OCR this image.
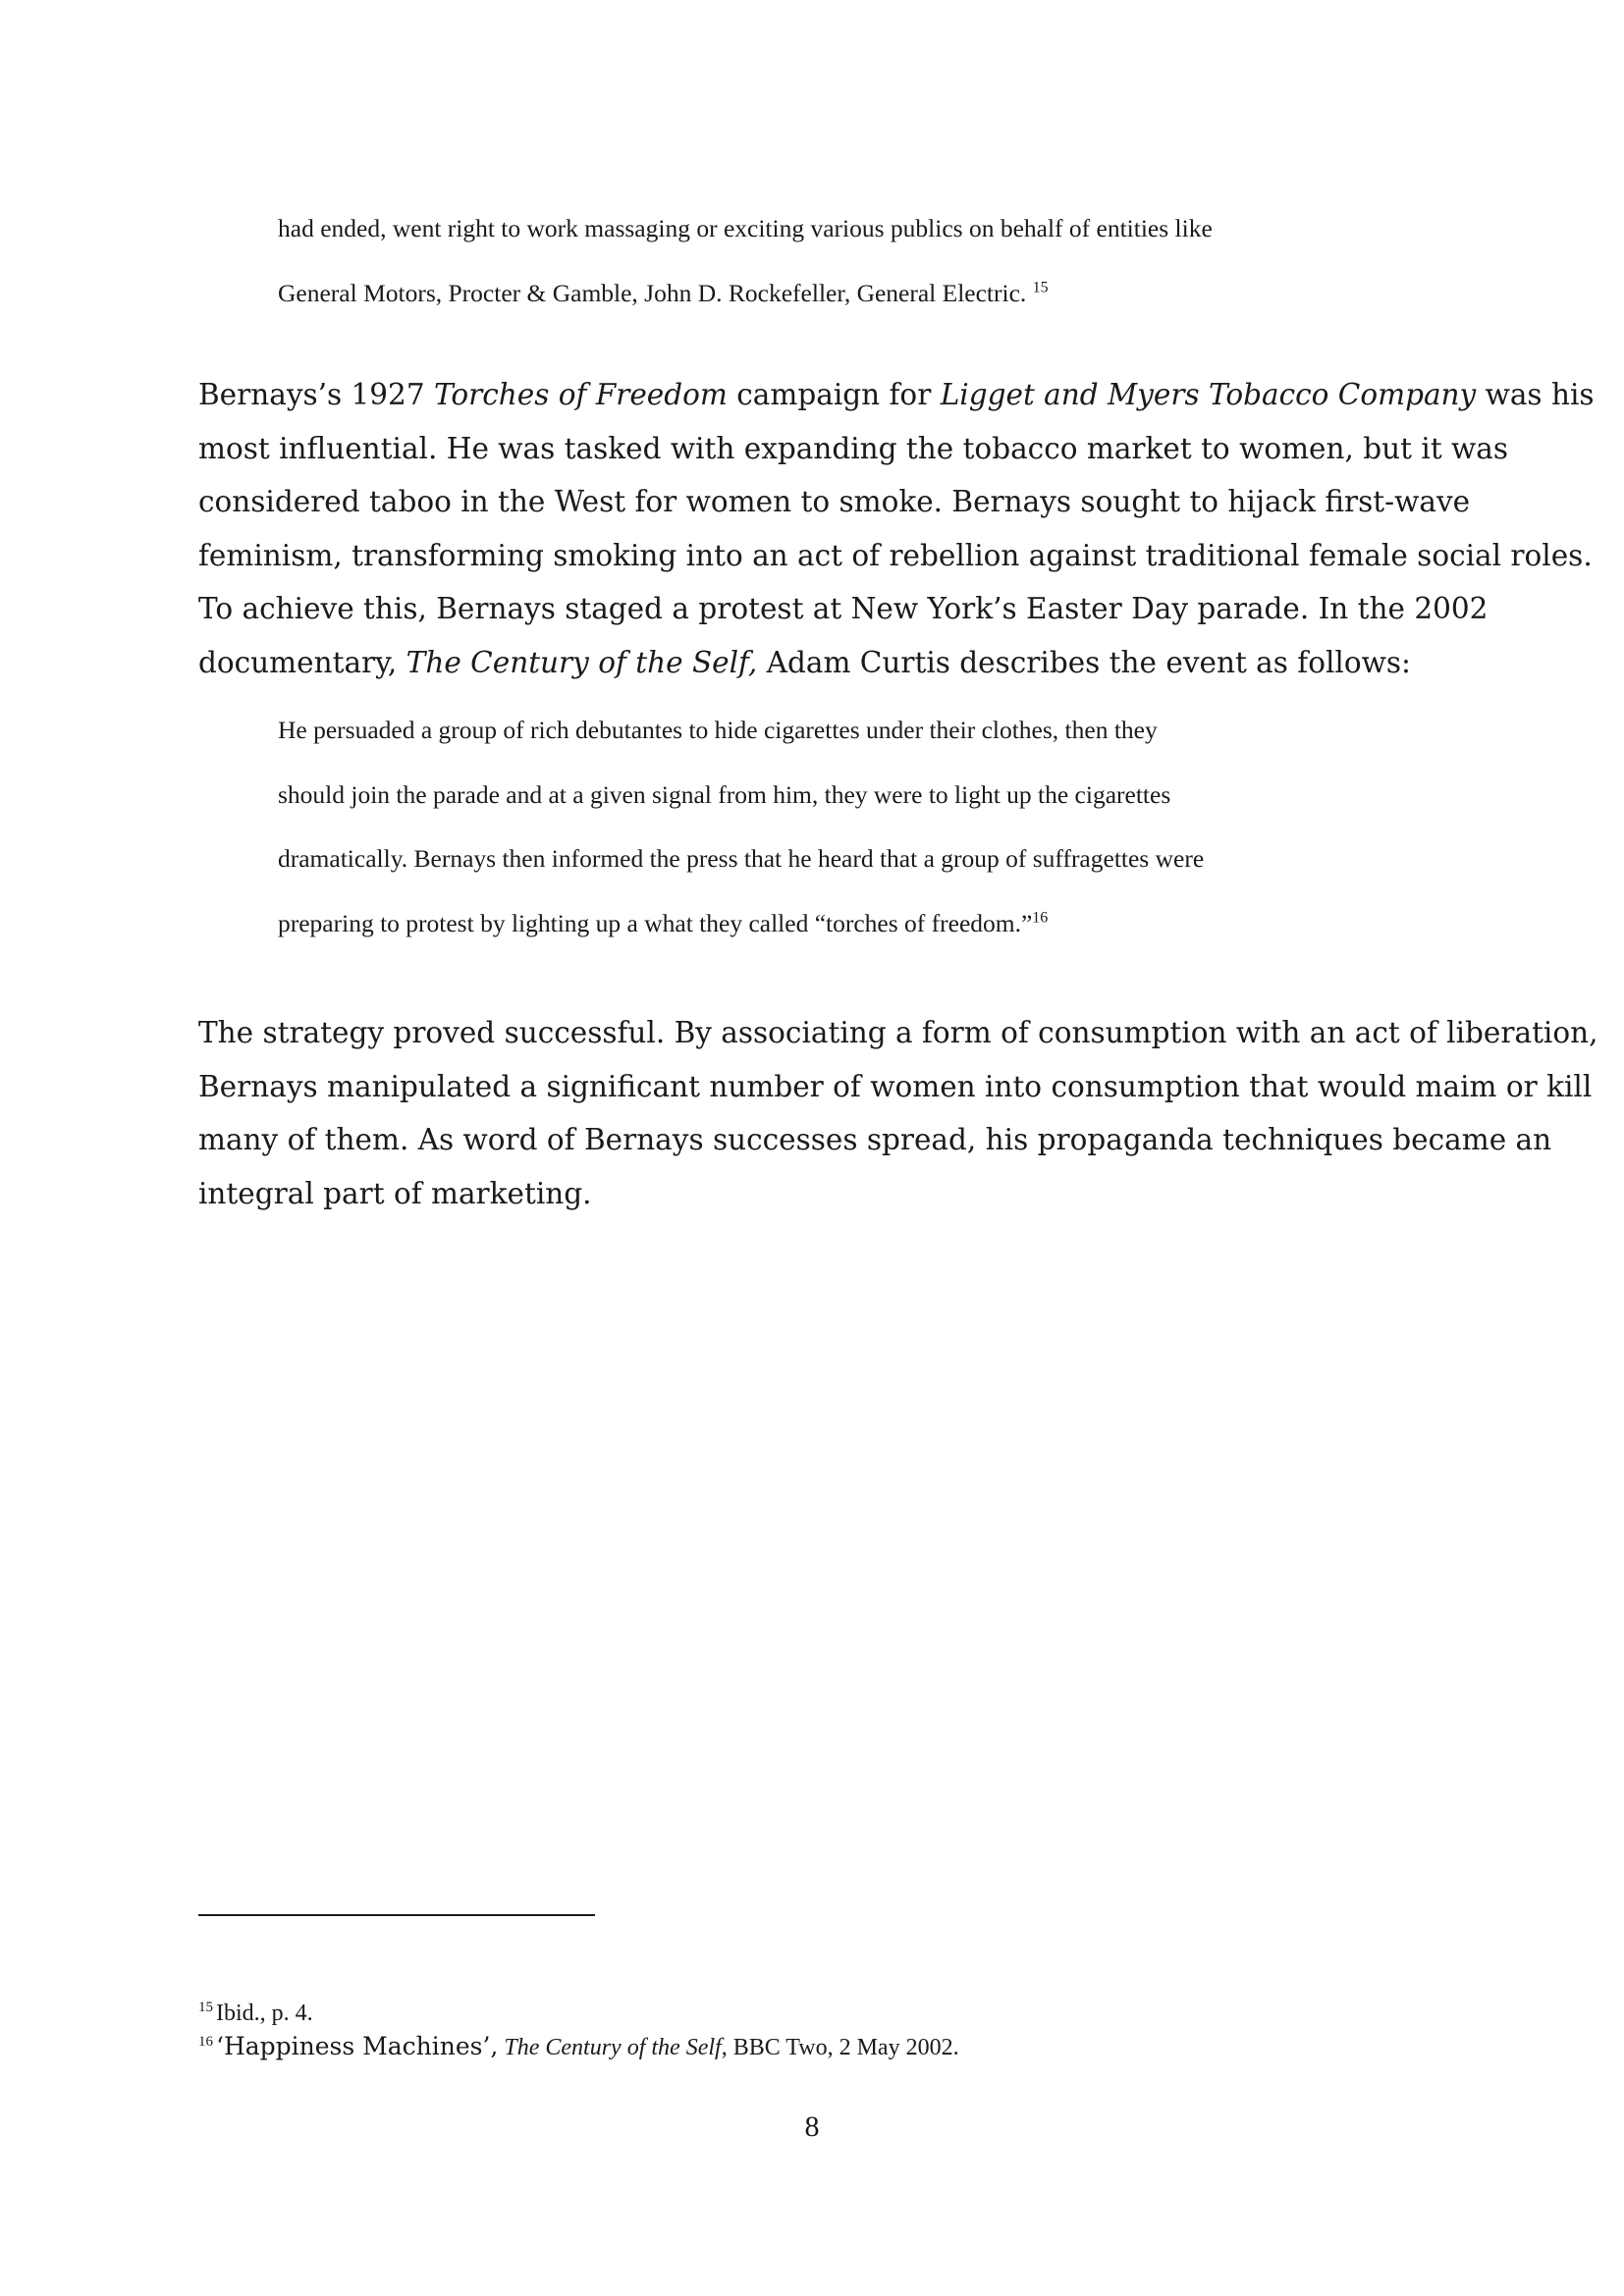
had ended, went right to work massaging or exciting various publics on behalf of entities like
General Motors, Procter & Gamble, John D. Rockefeller, General Electric. $^{15}$
Bernays’s 1927 Torches of Freedom campaign for Ligget and Myers Tobacco Company was his
most influential. He was tasked with expanding the tobacco market to women, but it was
considered taboo in the West for women to smoke. Bernays sought to hijack first-wave
feminism, transforming smoking into an act of rebellion against traditional female social roles.
To achieve this, Bernays staged a protest at New York’s Easter Day parade. In the 2002
documentary, The Century of the Self, Adam Curtis describes the event as follows:
He persuaded a group of rich debutantes to hide cigarettes under their clothes, then they
should join the parade and at a given signal from him, they were to light up the cigarettes
dramatically. Bernays then informed the press that he heard that a group of suffragettes were
preparing to protest by lighting up a what they called “torches of freedom.”$^{16}$
The strategy proved successful. By associating a form of consumption with an act of liberation,
Bernays manipulated a significant number of women into consumption that would maim or kill
many of them. As word of Bernays successes spread, his propaganda techniques became an
integral part of marketing.
$^{15}$ Ibid., p. 4.
$^{16}$ ‘Happiness Machines’, The Century of the Self, BBC Two, 2 May 2002.
8
